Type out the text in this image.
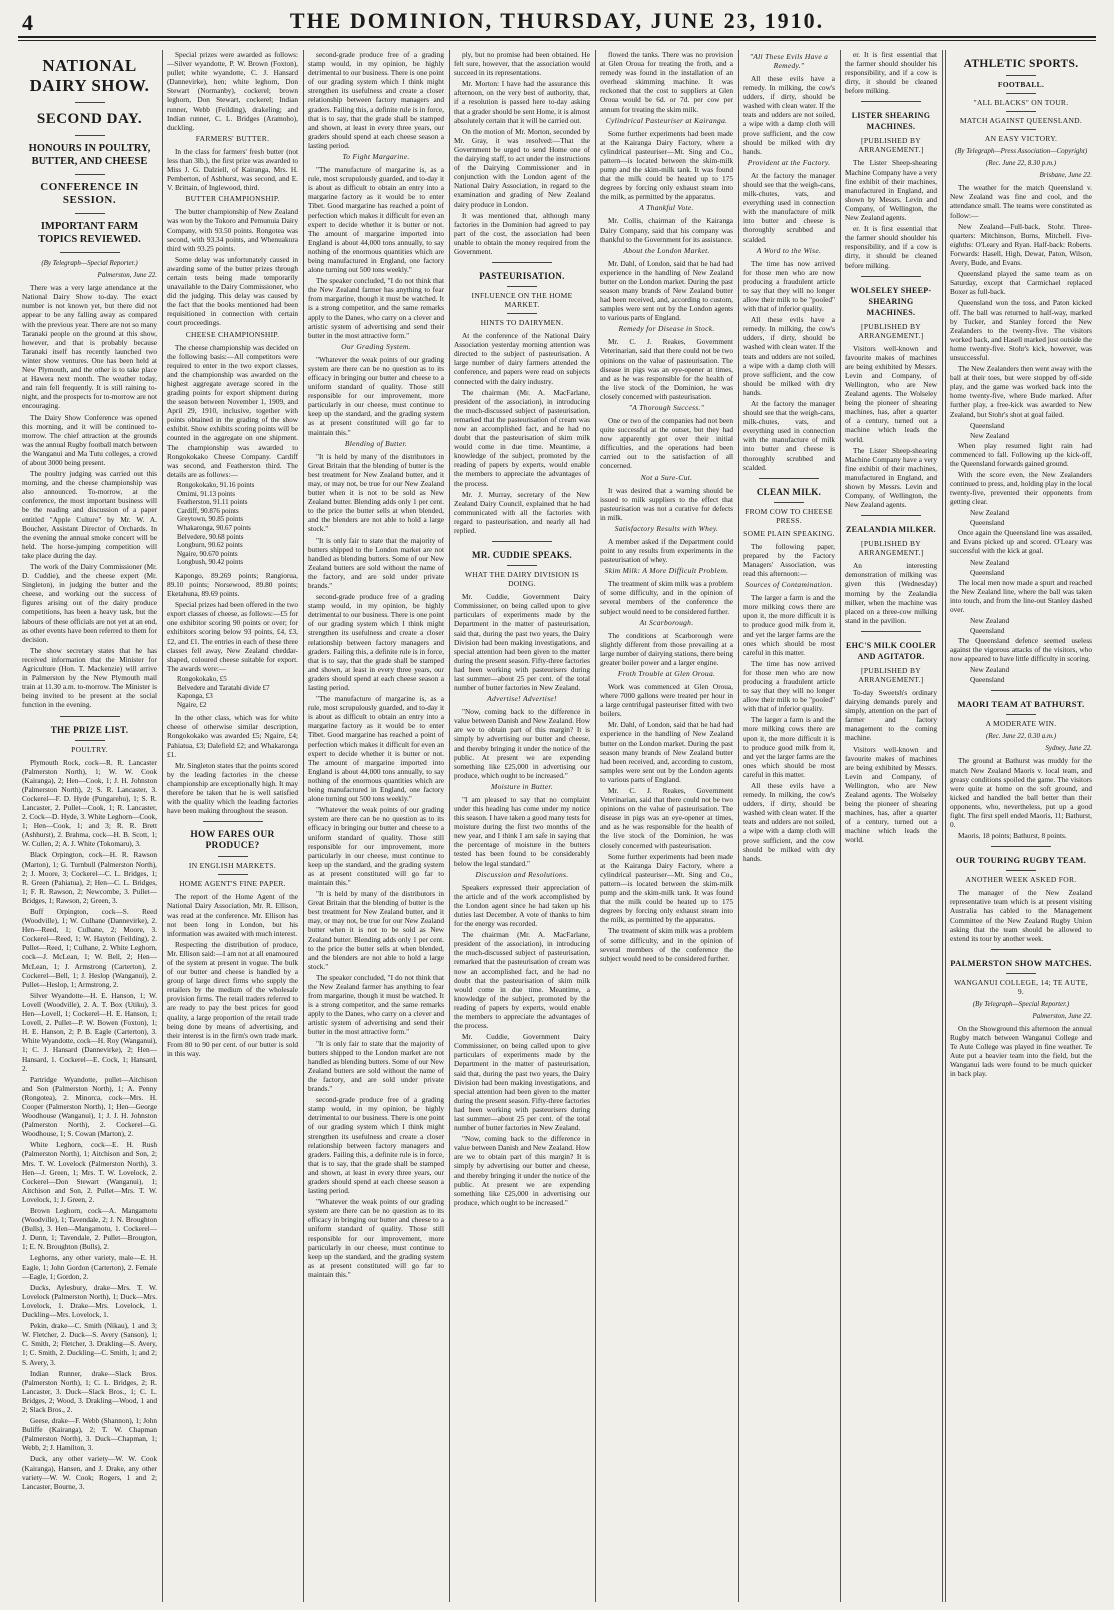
4	THE DOMINION, THURSDAY, JUNE 23, 1910.
NATIONAL DAIRY SHOW.
SECOND DAY.
HONOURS IN POULTRY, BUTTER, AND CHEESE
CONFERENCE IN SESSION.
IMPORTANT FARM TOPICS REVIEWED.
(By Telegraph—Special Reporter.)
Palmerston, June 22.

There was a very large attendance at the National Dairy Show to-day. The exact number is not known yet, but there did not appear to be any falling away as compared with the previous year. There are not so many Taranaki people on the ground at this show, however, and that is probably because Taranaki itself has recently launched two winter show ventures. One has been held at New Plymouth, and the other is to take place at Hawera next month. The weather today, and rain fell frequently. It is still raining to-night, and the prospects for to-morrow are not encouraging.

The Dairy Show Conference was opened this morning, and it will be continued to-morrow. The chief attraction at the grounds was the annual Rugby football match between the Wanganui and Ma Tutu colleges, a crowd of about 3000 being present.

The poultry judging was carried out this morning, and the cheese championship was also announced. To-morrow, at the conference, the most important business will be the reading and discussion of a paper entitled "Apple Culture" by Mr. W. A. Boucher, Assistant Director of Orchards. In the evening the annual smoke concert will be held. The horse-jumping competition will take place during the day.

The work of the Dairy Commissioner (Mr. D. Cuddie), and the cheese expert (Mr. Singleton), in judging the butter and the cheese, and working out the success of figures arising out of the dairy produce competitions, has been a heavy task, but the labours of these officials are not yet at an end, as other events have been referred to them for decision.

The show secretary states that he has received information that the Minister for Agriculture (Hon. T. Mackenzie) will arrive in Palmerston by the New Plymouth mail train at 11.30 a.m. to-morrow. The Minister is being invited to be present at the social function in the evening.

THE PRIZE LIST.
POULTRY.

Plymouth Rock, cock—R. R. Lancaster (Palmerston North), 1; W. W. Cook (Kairanga), 2; Hen—Cook, 1; J. H. Johnston (Palmerston North), 2; S. R. Lancaster, 3. Cockerel—F. D. Hyde (Pungarehu), 1; S. R. Lancaster, 2. Pullet—Cook, 1; R. Lancaster, 2. Cock—D. Hyde, 3. White Leghorn—Cook, 1; Hen—Cook, 1; and 3; R. R. Brett (Ashhurst), 2. Brahma, cock—H. B. Scott, 1; W. Cullen, 2; A. J. White (Tokomaru), 3.

Black Orpington, cock—H. R. Rawson (Marton), 1; G. Turnbull (Palmerston North), 2; J. Moore, 3; Cockerel—C. L. Bridges, 1; R. Green (Pahiatua), 2; Hen—C. L. Bridges, 1; F. R. Rawson, 2; Newcombe, 3. Pullet—Bridges, 1; Rawson, 2; Green, 3.

Buff Orpington, cock—S. Reed (Woodville), 1; W. Culhane (Dannevirke), 2. Hen—Reed, 1; Culhane, 2; Moore, 3. Cockerel—Reed, 1; W. Hayton (Feilding), 2. Pullet—Reed, 1; Culhane, 2. White Leghorn, cock—J. McLean, 1; W. Bell, 2; Hen—McLean, 1; J. Armstrong (Carterton), 2. Cockerel—Bell, 1; J. Heslop (Wanganui), 2. Pullet—Heslop, 1; Armstrong, 2.

Silver Wyandotte—H. E. Hanson, 1; W. Lovell (Woodville), 2. A. T. Box (Utiku), 3. Hen—Lovell, 1; Cockerel—H. E. Hanson, 1; Lovell, 2. Pullet—P. W. Bowen (Foxton), 1; H. E. Hanson, 2; P. B. Eagle (Carterton), 3. White Wyandotte, cock—H. Roy (Wanganui), 1; C. J. Hansard (Dannevirke), 2; Hen—Hansard, 1. Cockerel—E. Cock, 1; Hansard, 2.

Partridge Wyandotte, pullet—Aitchison and Son (Palmerston North), 1; A. Penny (Rongotea), 2. Minorca, cock—Mrs. H. Cooper (Palmerston North), 1; Hen—George Woodhouse (Wanganui), 1; J. J. H. Johnston (Palmerston North), 2. Cockerel—G. Woodhouse, 1; S. Cowan (Marton), 2.

White Leghorn, cock—E. H. Rush (Palmerston North), 1; Aitchison and Son, 2; Mrs. T. W. Lovelock (Palmerston North), 3. Hen—J. Green, 1; Mrs. T. W. Lovelock, 2. Cockerel—Don Stewart (Wanganui), 1; Aitchison and Son, 2. Pullet—Mrs. T. W. Lovelock, 1; J. Green, 2.

Brown Leghorn, cock—A. Mangamotu (Woodville), 1; Tavendale, 2; J. N. Broughton (Bulls), 3. Hen—Mangamotu, 1. Cockerel—J. Dunn, 1; Tavendale, 2. Pullet—Brougton, 1; E. N. Broughton (Bulls), 2.

Leghorns, any other variety, male—E. H. Eagle, 1; John Gordon (Carterton), 2. Female—Eagle, 1; Gordon, 2.

Ducks, Aylesbury, drake—Mrs. T. W. Lovelock (Palmerston North), 1; Duck—Mrs. Lovelock, 1. Drake—Mrs. Lovelock, 1. Duckling—Mrs. Lovelock, 1.

Pekin, drake—C. Smith (Nikau), 1 and 3; W. Fletcher, 2. Duck—S. Avery (Sanson), 1; C. Smith, 2; Fletcher, 3. Drakling—S. Avery, 1; C. Smith, 2. Duckling—C. Smith, 1; and 2; S. Avery, 3.

Indian Runner, drake—Slack Bros. (Palmerston North), 1; C. L. Bridges, 2; R. Lancaster, 3. Duck—Slack Bros., 1; C. L. Bridges, 2; Wood, 3. Drakling—Wood, 1 and 2; Slack Bros., 2.

Geese, drake—F. Webb (Shannon), 1; John Buliffe (Kairanga), 2; T. W. Chapman (Palmerston North), 3. Duck—Chapman, 1; Webb, 2; J. Hamilton, 3.

Duck, any other variety—W. W. Cook (Kairanga), Hansen, and J. Drake, any other variety—W. W. Cook; Rogers, 1 and 2; Lancaster, Bourne, 3.

Special prizes were awarded as follows:—Silver wyandotte, P. W. Brown (Foxton), pullet; white wyandotte, C. J. Hansard (Dannevirke), hen; white leghorn, Don Stewart (Normanby), cockerel; brown leghorn, Don Stewart, cockerel; Indian runner, Webb (Feilding), drakeling; and Indian runner, C. L. Bridges (Aramoho), duckling.

FARMERS' BUTTER.

In the class for farmers' fresh butter (not less than 3lb.), the first prize was awarded to Miss J. G. Dalziell, of Kairanga, Mrs. H. Pemberton, of Ashhurst, was second, and E. V. Brittain, of Inglewood, third.

BUTTER CHAMPIONSHIP.

The butter championship of New Zealand was won by the Tokoro and Pemunuia Dairy Company, with 93.50 points. Rongotea was second, with 93.34 points, and Whenuakura third with 93.25 points.

Some delay was unfortunately caused in awarding some of the butter prizes through certain tests being made temporarily unavailable to the Dairy Commissioner, who did the judging. This delay was caused by the fact that the books mentioned had been requisitioned in connection with certain court proceedings.

CHEESE CHAMPIONSHIP.

The cheese championship was decided on the following basis:—All competitors were required to enter in the two export classes, and the championship was awarded on the highest aggregate average scored in the grading points for export shipment during the season between November 1, 1909, and April 29, 1910, inclusive, together with points obtained in the grading of the show exhibit. Show exhibits scoring points will be counted in the aggregate on one shipment. The championship was awarded to Rongokokako Cheese Company. Cardiff was second, and Featherston third. The details are as follows:—

Rongokokako, 91.16 points
Omimi, 91.13 points
Featherston, 91.11 points
Cardiff, 90.876 points
Greytown, 90.85 points
Whakaronga, 90.67 points
Belvedere, 90.68 points
Longburn, 90.62 points
Ngaire, 90.670 points
Longbush, 90.42 points

Kapongo, 89.269 points; Rangiorua, 89.10 points; Norsewood, 89.80 points; Eketahuna, 89.69 points.

Special prizes had been offered in the two export classes of cheese, as follows:—£5 for one exhibitor scoring 90 points or over; for exhibitors scoring below 93 points, £4, £3, £2, and £1. The entries in each of these three classes fell away, New Zealand cheddar-shaped, coloured cheese suitable for export. The awards were:—

Rongokokako, £5
Belvedere and Taratahi divide £7
Kaponga, £3
Ngaire, £2

In the other class, which was for white cheese of otherwise similar description, Rongokokako was awarded £5; Ngaire, £4; Pahiatua, £3; Dalefield £2; and Whakaronga £1.

Mr. Singleton states that the points scored by the leading factories in the cheese championship are exceptionally high. It may therefore be taken that he is well satisfied with the quality which the leading factories have been making throughout the season.

HOW FARES OUR PRODUCE?
IN ENGLISH MARKETS.
HOME AGENT'S FINE PAPER.

The report of the Home Agent of the National Dairy Association, Mr. R. Ellison, was read at the conference. Mr. Ellison has not been long in London, but his information was awaited with much interest.

Respecting the distribution of produce, Mr. Ellison said:—I am not at all enamoured of the system at present in vogue. The bulk of our butter and cheese is handled by a group of large direct firms who supply the retailers by the medium of the wholesale provision firms. The retail traders referred to are ready to pay the best prices for good quality, a large proportion of the retail trade being done by means of advertising, and their interest is in the firm's own trade mark. From 80 to 90 per cent. of our butter is sold in this way.

second-grade produce free of a grading stamp would, in my opinion, be highly detrimental to our business. There is one point of our grading system which I think might strengthen its usefulness and create a closer relationship between factory managers and graders. Failing this, a definite rule is in force, that is to say, that the grade shall be stamped and shown, at least in every three years, our graders should spend at each cheese season a lasting period.

To Fight Margarine.

"The manufacture of margarine is, as a rule, most scrupulously guarded, and to-day it is about as difficult to obtain an entry into a margarine factory as it would be to enter Tibet. Good margarine has reached a point of perfection which makes it difficult for even an expert to decide whether it is butter or not. The amount of margarine imported into England is about 44,000 tons annually, to say nothing of the enormous quantities which are being manufactured in England, one factory alone turning out 500 tons weekly."

The speaker concluded, "I do not think that the New Zealand farmer has anything to fear from margarine, though it must be watched. It is a strong competitor, and the same remarks apply to the Danes, who carry on a clever and artistic system of advertising and send their butter in the most attractive form."

Our Grading System.

"Whatever the weak points of our grading system are there can be no question as to its efficacy in bringing our butter and cheese to a uniform standard of quality. Those still responsible for our improvement, more particularly in our cheese, must continue to keep up the standard, and the grading system as at present constituted will go far to maintain this."

Blending of Butter.

"It is held by many of the distributors in Great Britain that the blending of butter is the best treatment for New Zealand butter, and it may, or may not, be true for our New Zealand butter when it is not to be sold as New Zealand butter. Blending adds only 1 per cent. to the price the butter sells at when blended, and the blenders are not able to hold a large stock."

"It is only fair to state that the majority of butters shipped to the London market are not handled as blending butters. Some of our New Zealand butters are sold without the name of the factory, and are sold under private brands."

second-grade produce free of a grading stamp would, in my opinion, be highly detrimental to our business. There is one point of our grading system which I think might strengthen its usefulness and create a closer relationship between factory managers and graders. Failing this, a definite rule is in force, that is to say, that the grade shall be stamped and shown, at least in every three years, our graders should spend at each cheese season a lasting period.

"The manufacture of margarine is, as a rule, most scrupulously guarded, and to-day it is about as difficult to obtain an entry into a margarine factory as it would be to enter Tibet. Good margarine has reached a point of perfection which makes it difficult for even an expert to decide whether it is butter or not. The amount of margarine imported into England is about 44,000 tons annually, to say nothing of the enormous quantities which are being manufactured in England, one factory alone turning out 500 tons weekly."

"Whatever the weak points of our grading system are there can be no question as to its efficacy in bringing our butter and cheese to a uniform standard of quality. Those still responsible for our improvement, more particularly in our cheese, must continue to keep up the standard, and the grading system as at present constituted will go far to maintain this."

"It is held by many of the distributors in Great Britain that the blending of butter is the best treatment for New Zealand butter, and it may, or may not, be true for our New Zealand butter when it is not to be sold as New Zealand butter. Blending adds only 1 per cent. to the price the butter sells at when blended, and the blenders are not able to hold a large stock."

The speaker concluded, "I do not think that the New Zealand farmer has anything to fear from margarine, though it must be watched. It is a strong competitor, and the same remarks apply to the Danes, who carry on a clever and artistic system of advertising and send their butter in the most attractive form."

"It is only fair to state that the majority of butters shipped to the London market are not handled as blending butters. Some of our New Zealand butters are sold without the name of the factory, and are sold under private brands."

second-grade produce free of a grading stamp would, in my opinion, be highly detrimental to our business. There is one point of our grading system which I think might strengthen its usefulness and create a closer relationship between factory managers and graders. Failing this, a definite rule is in force, that is to say, that the grade shall be stamped and shown, at least in every three years, our graders should spend at each cheese season a lasting period.

"Whatever the weak points of our grading system are there can be no question as to its efficacy in bringing our butter and cheese to a uniform standard of quality. Those still responsible for our improvement, more particularly in our cheese, must continue to keep up the standard, and the grading system as at present constituted will go far to maintain this."

ply, but no promise had been obtained. He felt sure, however, that the association would succeed in its representations.

Mr. Morton: I have had the assurance this afternoon, on the very best of authority, that, if a resolution is passed here to-day asking that a grader should be sent Home, it is almost absolutely certain that it will be carried out.

On the motion of Mr. Morton, seconded by Mr. Gray, it was resolved:—That the Government be urged to send Home one of the dairying staff, to act under the instructions of the Dairying Commissioner and in conjunction with the London agent of the National Dairy Association, in regard to the examination and grading of New Zealand dairy produce in London.

It was mentioned that, although many factories in the Dominion had agreed to pay part of the cost, the association had been unable to obtain the money required from the Government.

PASTEURISATION.
INFLUENCE ON THE HOME MARKET.
HINTS TO DAIRYMEN.

At the conference of the National Dairy Association yesterday morning attention was directed to the subject of pasteurisation. A large number of dairy farmers attended the conference, and papers were read on subjects connected with the dairy industry.

The chairman (Mr. A. MacFarlane, president of the association), in introducing the much-discussed subject of pasteurisation, remarked that the pasteurisation of cream was now an accomplished fact, and he had no doubt that the pasteurisation of skim milk would come in due time. Meantime, a knowledge of the subject, promoted by the reading of papers by experts, would enable the members to appreciate the advantages of the process.

Mr. J. Murray, secretary of the New Zealand Dairy Council, explained that he had communicated with all the factories with regard to pasteurisation, and nearly all had replied.

MR. CUDDIE SPEAKS.
WHAT THE DAIRY DIVISION IS DOING.

Mr. Cuddie, Government Dairy Commissioner, on being called upon to give particulars of experiments made by the Department in the matter of pasteurisation, said that, during the past two years, the Dairy Division had been making investigations, and special attention had been given to the matter during the present season. Fifty-three factories had been working with pasteurisers during last summer—about 25 per cent. of the total number of butter factories in New Zealand.

Advertise! Advertise!

"Now, coming back to the difference in value between Danish and New Zealand. How are we to obtain part of this margin? It is simply by advertising our butter and cheese, and thereby bringing it under the notice of the public. At present we are expending something like £25,000 in advertising our produce, which ought to be increased."

Moisture in Butter.

"I am pleased to say that no complaint under this heading has come under my notice this season. I have taken a good many tests for moisture during the first two months of the new year, and I think I am safe in saying that the percentage of moisture in the butters tested has been found to be considerably below the legal standard."

Discussion and Resolutions.

Speakers expressed their appreciation of the article and of the work accomplished by the London agent since he had taken up his duties last December. A vote of thanks to him for the energy was recorded.

The chairman (Mr. A. MacFarlane, president of the association), in introducing the much-discussed subject of pasteurisation, remarked that the pasteurisation of cream was now an accomplished fact, and he had no doubt that the pasteurisation of skim milk would come in due time. Meantime, a knowledge of the subject, promoted by the reading of papers by experts, would enable the members to appreciate the advantages of the process.

Mr. Cuddie, Government Dairy Commissioner, on being called upon to give particulars of experiments made by the Department in the matter of pasteurisation, said that, during the past two years, the Dairy Division had been making investigations, and special attention had been given to the matter during the present season. Fifty-three factories had been working with pasteurisers during last summer—about 25 per cent. of the total number of butter factories in New Zealand.

"Now, coming back to the difference in value between Danish and New Zealand. How are we to obtain part of this margin? It is simply by advertising our butter and cheese, and thereby bringing it under the notice of the public. At present we are expending something like £25,000 in advertising our produce, which ought to be increased."

flowed the tanks. There was no provision at Glen Oroua for treating the froth, and a remedy was found in the installation of an overhead skimming machine. It was reckoned that the cost to suppliers at Glen Oroua would be 6d. or 7d. per cow per annum for treating the skim milk.

Cylindrical Pasteuriser at Kairanga.

Some further experiments had been made at the Kairanga Dairy Factory, where a cylindrical pasteuriser—Mt. Sing and Co., pattern—is located between the skim-milk pump and the skim-milk tank. It was found that the milk could be heated up to 175 degrees by forcing only exhaust steam into the milk, as permitted by the apparatus.

A Thankful Vote.

Mr. Collis, chairman of the Kairanga Dairy Company, said that his company was thankful to the Government for its assistance.

About the London Market.

Mr. Dahl, of London, said that he had had experience in the handling of New Zealand butter on the London market. During the past season many brands of New Zealand butter had been received, and, according to custom, samples were sent out by the London agents to various parts of England.

Remedy for Disease in Stock.

Mr. C. J. Reakes, Government Veterinarian, said that there could not be two opinions on the value of pasteurisation. The disease in pigs was an eye-opener at times, and as he was responsible for the health of the live stock of the Dominion, he was closely concerned with pasteurisation.

"A Thorough Success."

One or two of the companies had not been quite successful at the outset, but they had now apparently got over their initial difficulties, and the operations had been carried out to the satisfaction of all concerned.

Not a Sure-Cut.

It was desired that a warning should be issued to milk suppliers to the effect that pasteurisation was not a curative for defects in milk.

Satisfactory Results with Whey.

A member asked if the Department could point to any results from experiments in the pasteurisation of whey.

Skim Milk: A More Difficult Problem.

The treatment of skim milk was a problem of some difficulty, and in the opinion of several members of the conference the subject would need to be considered further.

At Scarborough.

The conditions at Scarborough were slightly different from those prevailing at a large number of dairying stations, there being greater boiler power and a larger engine.

Froth Trouble at Glen Oroua.

Work was commenced at Glen Oroua, where 7000 gallons were treated per hour in a large centrifugal pasteuriser fitted with two boilers.

Mr. Dahl, of London, said that he had had experience in the handling of New Zealand butter on the London market. During the past season many brands of New Zealand butter had been received, and, according to custom, samples were sent out by the London agents to various parts of England.

Mr. C. J. Reakes, Government Veterinarian, said that there could not be two opinions on the value of pasteurisation. The disease in pigs was an eye-opener at times, and as he was responsible for the health of the live stock of the Dominion, he was closely concerned with pasteurisation.

Some further experiments had been made at the Kairanga Dairy Factory, where a cylindrical pasteuriser—Mt. Sing and Co., pattern—is located between the skim-milk pump and the skim-milk tank. It was found that the milk could be heated up to 175 degrees by forcing only exhaust steam into the milk, as permitted by the apparatus.

The treatment of skim milk was a problem of some difficulty, and in the opinion of several members of the conference the subject would need to be considered further.

"All These Evils Have a Remedy."

All these evils have a remedy. In milking, the cow's udders, if dirty, should be washed with clean water. If the teats and udders are not soiled, a wipe with a damp cloth will prove sufficient, and the cow should be milked with dry hands.

Provident at the Factory.

At the factory the manager should see that the weigh-cans, milk-chutes, vats, and everything used in connection with the manufacture of milk into butter and cheese is thoroughly scrubbed and scalded.

A Word to the Wise.

The time has now arrived for those men who are now producing a fraudulent article to say that they will no longer allow their milk to be "pooled" with that of inferior quality.

All these evils have a remedy. In milking, the cow's udders, if dirty, should be washed with clean water. If the teats and udders are not soiled, a wipe with a damp cloth will prove sufficient, and the cow should be milked with dry hands.

At the factory the manager should see that the weigh-cans, milk-chutes, vats, and everything used in connection with the manufacture of milk into butter and cheese is thoroughly scrubbed and scalded.

CLEAN MILK.
FROM COW TO CHEESE PRESS.
SOME PLAIN SPEAKING.

The following paper, prepared by the Factory Managers' Association, was read this afternoon:—

Sources of Contamination.

The larger a farm is and the more milking cows there are upon it, the more difficult it is to produce good milk from it, and yet the larger farms are the ones which should be most careful in this matter.

The time has now arrived for those men who are now producing a fraudulent article to say that they will no longer allow their milk to be "pooled" with that of inferior quality.

The larger a farm is and the more milking cows there are upon it, the more difficult it is to produce good milk from it, and yet the larger farms are the ones which should be most careful in this matter.

All these evils have a remedy. In milking, the cow's udders, if dirty, should be washed with clean water. If the teats and udders are not soiled, a wipe with a damp cloth will prove sufficient, and the cow should be milked with dry hands.

er. It is first essential that the farmer should shoulder his responsibility, and if a cow is dirty, it should be cleaned before milking.

LISTER SHEARING MACHINES.
[PUBLISHED BY ARRANGEMENT.]

The Lister Sheep-shearing Machine Company have a very fine exhibit of their machines, manufactured in England, and shown by Messrs. Levin and Company, of Wellington, the New Zealand agents.

er. It is first essential that the farmer should shoulder his responsibility, and if a cow is dirty, it should be cleaned before milking.

WOLSELEY SHEEP-SHEARING MACHINES.
[PUBLISHED BY ARRANGEMENT.]

Visitors well-known and favourite makes of machines are being exhibited by Messrs. Levin and Company, of Wellington, who are New Zealand agents. The Wolseley being the pioneer of shearing machines, has, after a quarter of a century, turned out a machine which leads the world.

The Lister Sheep-shearing Machine Company have a very fine exhibit of their machines, manufactured in England, and shown by Messrs. Levin and Company, of Wellington, the New Zealand agents.

ZEALANDIA MILKER.
[PUBLISHED BY ARRANGEMENT.]

An interesting demonstration of milking was given this (Wednesday) morning by the Zealandia milker, when the machine was placed on a three-cow milking stand in the pavilion.

EHC'S MILK COOLER AND AGITATOR.
[PUBLISHED BY ARRANGEMENT.]

To-day Sweetsh's ordinary dairying demands purely and simply, attention on the part of farmer and factory management to the coming machine.

Visitors well-known and favourite makes of machines are being exhibited by Messrs. Levin and Company, of Wellington, who are New Zealand agents. The Wolseley being the pioneer of shearing machines, has, after a quarter of a century, turned out a machine which leads the world.

ATHLETIC SPORTS.
FOOTBALL.
"ALL BLACKS" ON TOUR.
MATCH AGAINST QUEENSLAND.
AN EASY VICTORY.
(By Telegraph—Press Association—Copyright)
(Rec. June 22, 8.30 p.m.)
Brisbane, June 22.

The weather for the match Queensland v. New Zealand was fine and cool, and the attendance small. The teams were constituted as follow:—

New Zealand—Full-back, Stohr. Three-quarters: Mitchinson, Burns, Mitchell. Five-eighths: O'Leary and Ryan. Half-back: Roberts. Forwards: Hasell, High, Dewar, Paton, Wilson, Avery, Bude, and Evans.

Queensland played the same team as on Saturday, except that Carmichael replaced Boxer as full-back.

Queensland won the toss, and Paton kicked off. The ball was returned to half-way, marked by Tucker, and Stanley forced the New Zealanders to the twenty-five. The visitors worked back, and Hasell marked just outside the home twenty-five. Stohr's kick, however, was unsuccessful.

The New Zealanders then went away with the ball at their toes, but were stopped by off-side play, and the game was worked back into the home twenty-five, where Bude marked. After further play, a free-kick was awarded to New Zealand, but Stohr's shot at goal failed.

Queensland
New Zealand

When play resumed light rain had commenced to fall. Following up the kick-off, the Queensland forwards gained ground.

With the score even, the New Zealanders continued to press, and, holding play in the local twenty-five, prevented their opponents from getting clear.

New Zealand
Queensland

Once again the Queensland line was assailed, and Evans picked up and scored. O'Leary was successful with the kick at goal.

New Zealand
Queensland

The local men now made a spurt and reached the New Zealand line, where the ball was taken into touch, and from the line-out Stanley dashed over.

New Zealand
Queensland

The Queensland defence seemed useless against the vigorous attacks of the visitors, who now appeared to have little difficulty in scoring.

New Zealand
Queensland
MAORI TEAM AT BATHURST.
A MODERATE WIN.
(Rec. June 22, 0.30 a.m.)
Sydney, June 22.

The ground at Bathurst was muddy for the match New Zealand Maoris v. local team, and greasy conditions spoiled the game. The visitors were quite at home on the soft ground, and kicked and handled the ball better than their opponents, who, nevertheless, put up a good fight. The first spell ended Maoris, 11; Bathurst, 0.

Maoris, 18 points; Bathurst, 8 points.

OUR TOURING RUGBY TEAM.
ANOTHER WEEK ASKED FOR.

The manager of the New Zealand representative team which is at present visiting Australia has cabled to the Management Committee of the New Zealand Rugby Union asking that the team should be allowed to extend its tour by another week.

PALMERSTON SHOW MATCHES.
WANGANUI COLLEGE, 14; TE AUTE, 9.
(By Telegraph—Special Reporter.)
Palmerston, June 22.

On the Showground this afternoon the annual Rugby match between Wanganui College and Te Aute College was played in fine weather. Te Aute put a heavier team into the field, but the Wanganui lads were found to be much quicker in back play.
